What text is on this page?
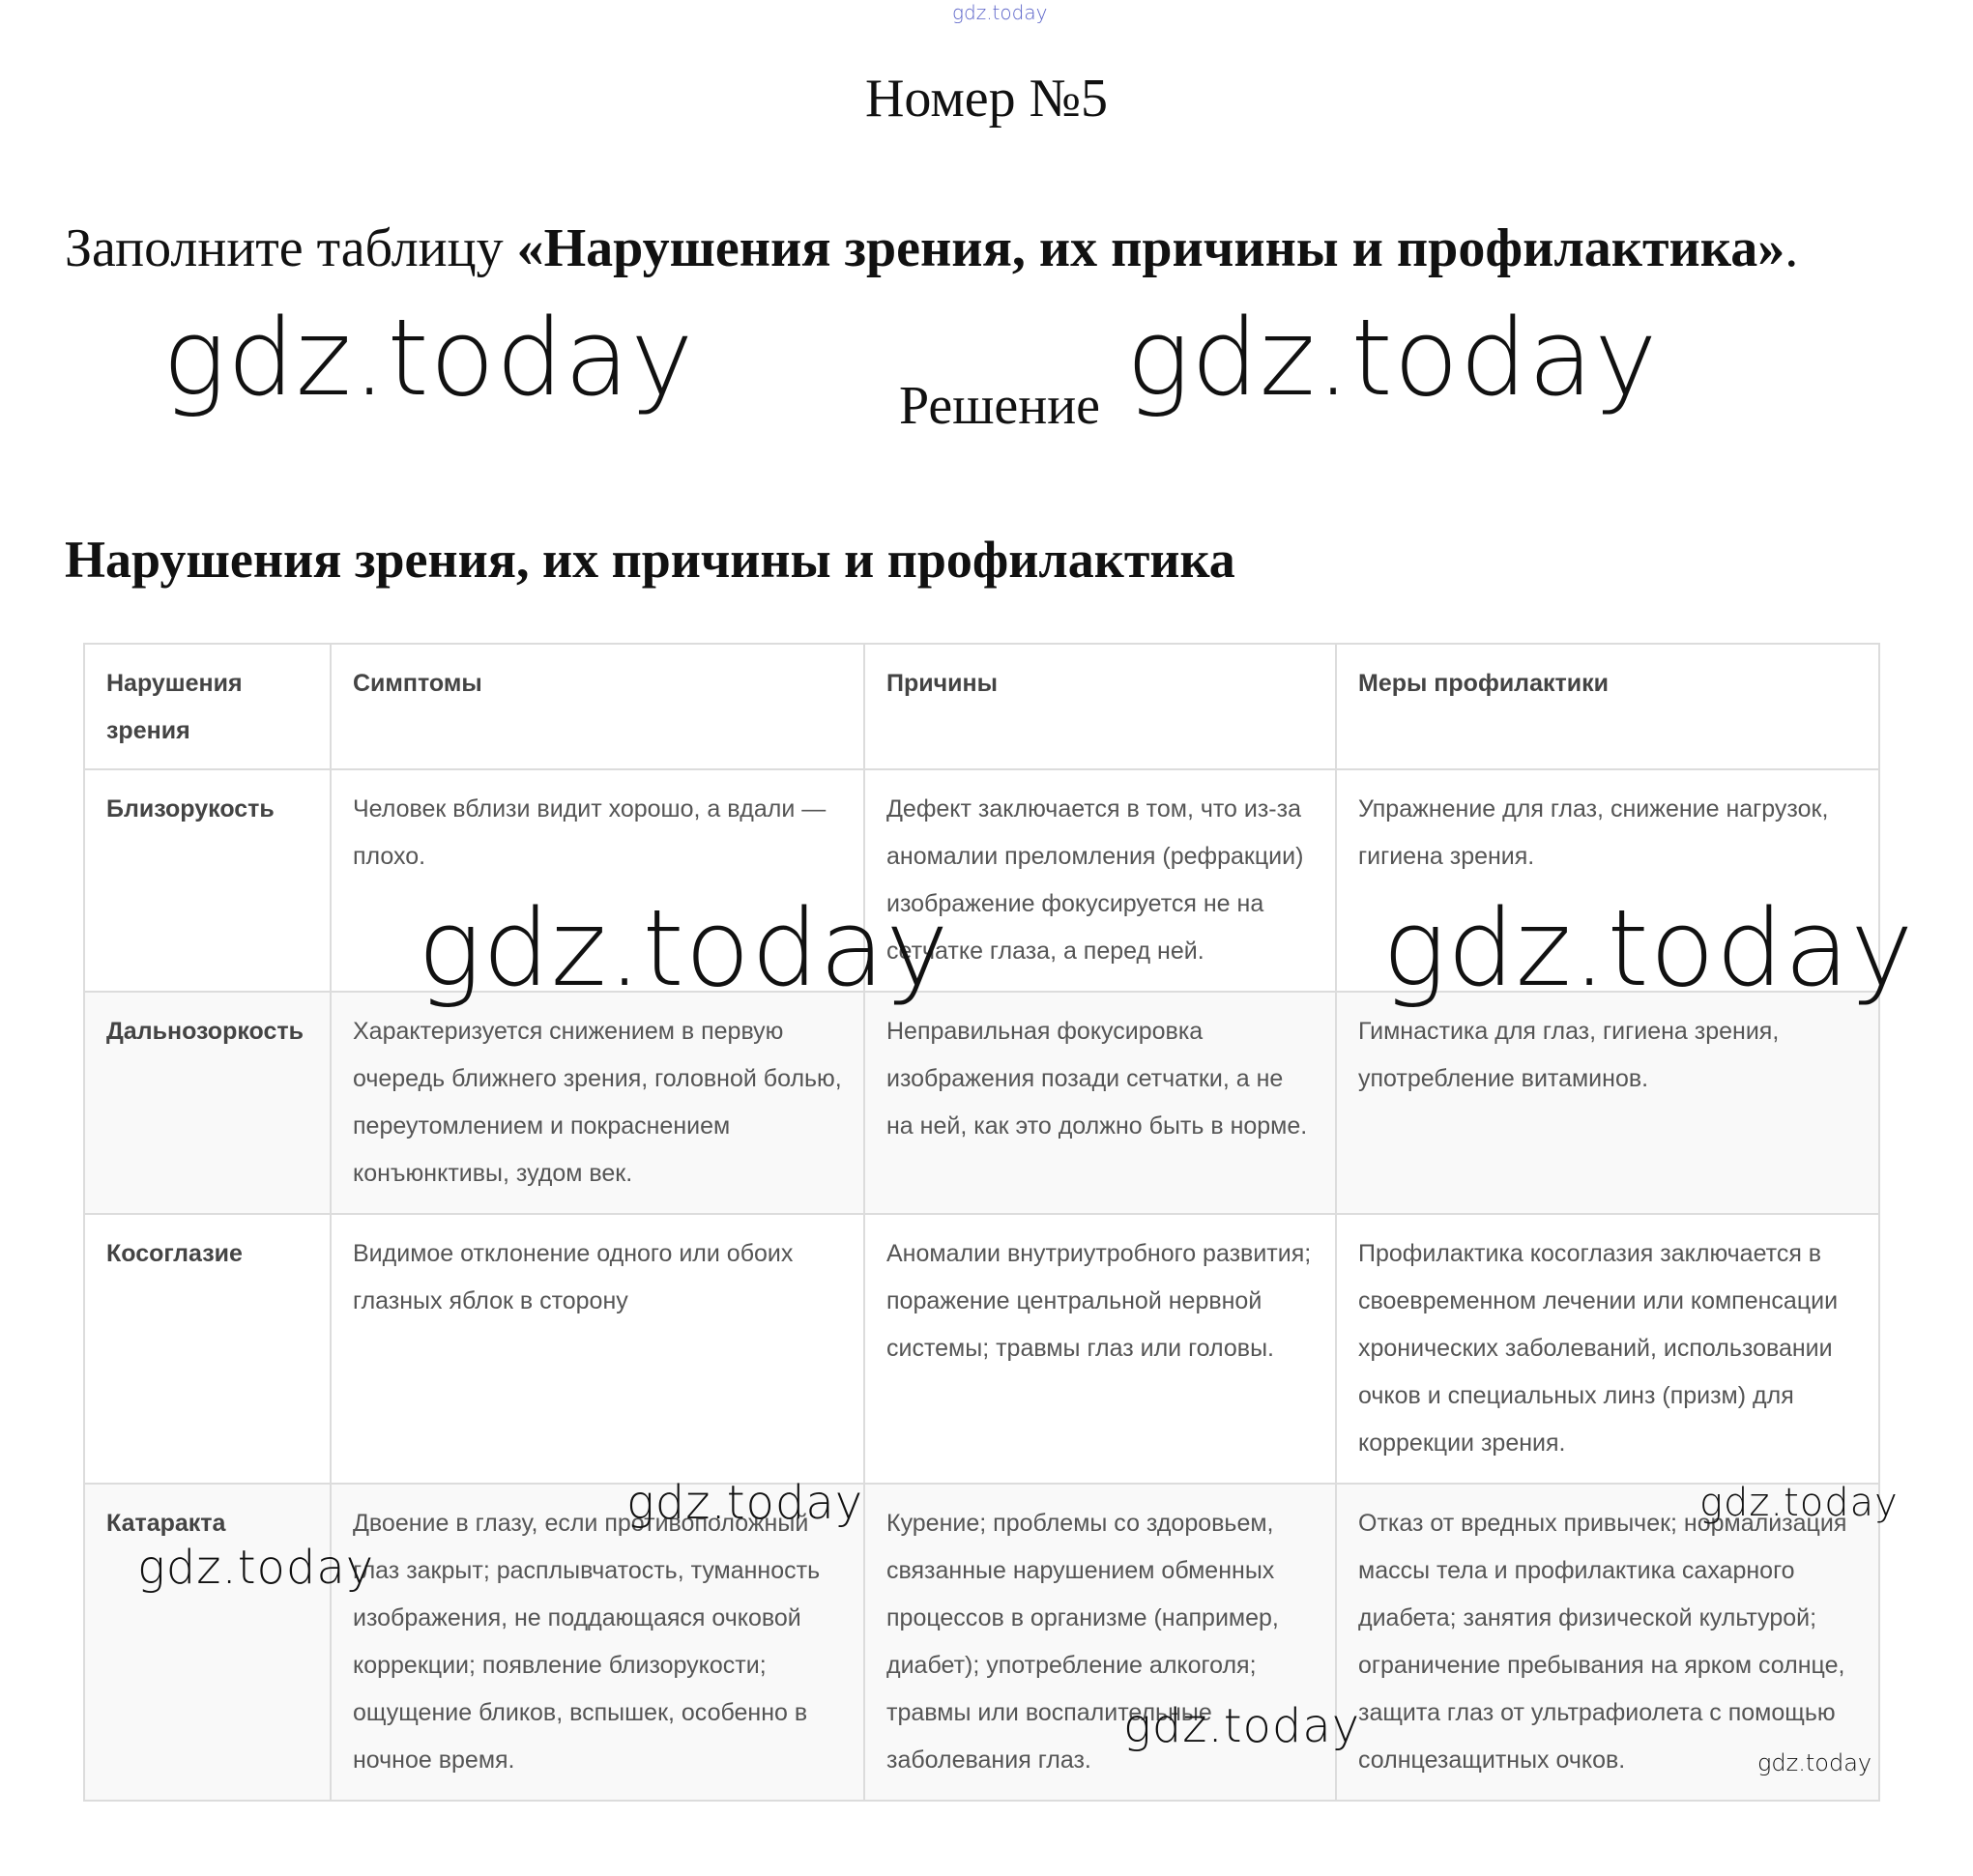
gdz.today
Номер №5
Заполните таблицу «Нарушения зрения, их причины и профилактика».
gdz.today	gdz.today
Решение
Нарушения зрения, их причины и профилактика
Нарушения зрения	Симптомы	Причины	Меры профилактики
Близорукость	Человек вблизи видит хорошо, а вдали — плохо.	Дефект заключается в том, что из-за аномалии преломления (рефракции) изображение фокусируется не на сетчатке глаза, а перед ней.	Упражнение для глаз, снижение нагрузок, гигиена зрения.
Дальнозоркость	Характеризуется снижением в первую очередь ближнего зрения, головной болью, переутомлением и покраснением конъюнктивы, зудом век.	Неправильная фокусировка изображения позади сетчатки, а не на ней, как это должно быть в норме.	Гимнастика для глаз, гигиена зрения, употребление витаминов.
Косоглазие	Видимое отклонение одного или обоих глазных яблок в сторону	Аномалии внутриутробного развития; поражение центральной нервной системы; травмы глаз или головы.	Профилактика косоглазия заключается в своевременном лечении или компенсации хронических заболеваний, использовании очков и специальных линз (призм) для коррекции зрения.
Катаракта	Двоение в глазу, если противоположный глаз закрыт; расплывчатость, туманность изображения, не поддающаяся очковой коррекции; появление близорукости; ощущение бликов, вспышек, особенно в ночное время.	Курение; проблемы со здоровьем, связанные нарушением обменных процессов в организме (например, диабет); употребление алкоголя; травмы или воспалительные заболевания глаз.	Отказ от вредных привычек; нормализация массы тела и профилактика сахарного диабета; занятия физической культурой; ограничение пребывания на ярком солнце, защита глаз от ультрафиолета с помощью солнцезащитных очков.
gdz.today	gdz.today
gdz.today
gdz.today
gdz.today
gdz.today
gdz.today
